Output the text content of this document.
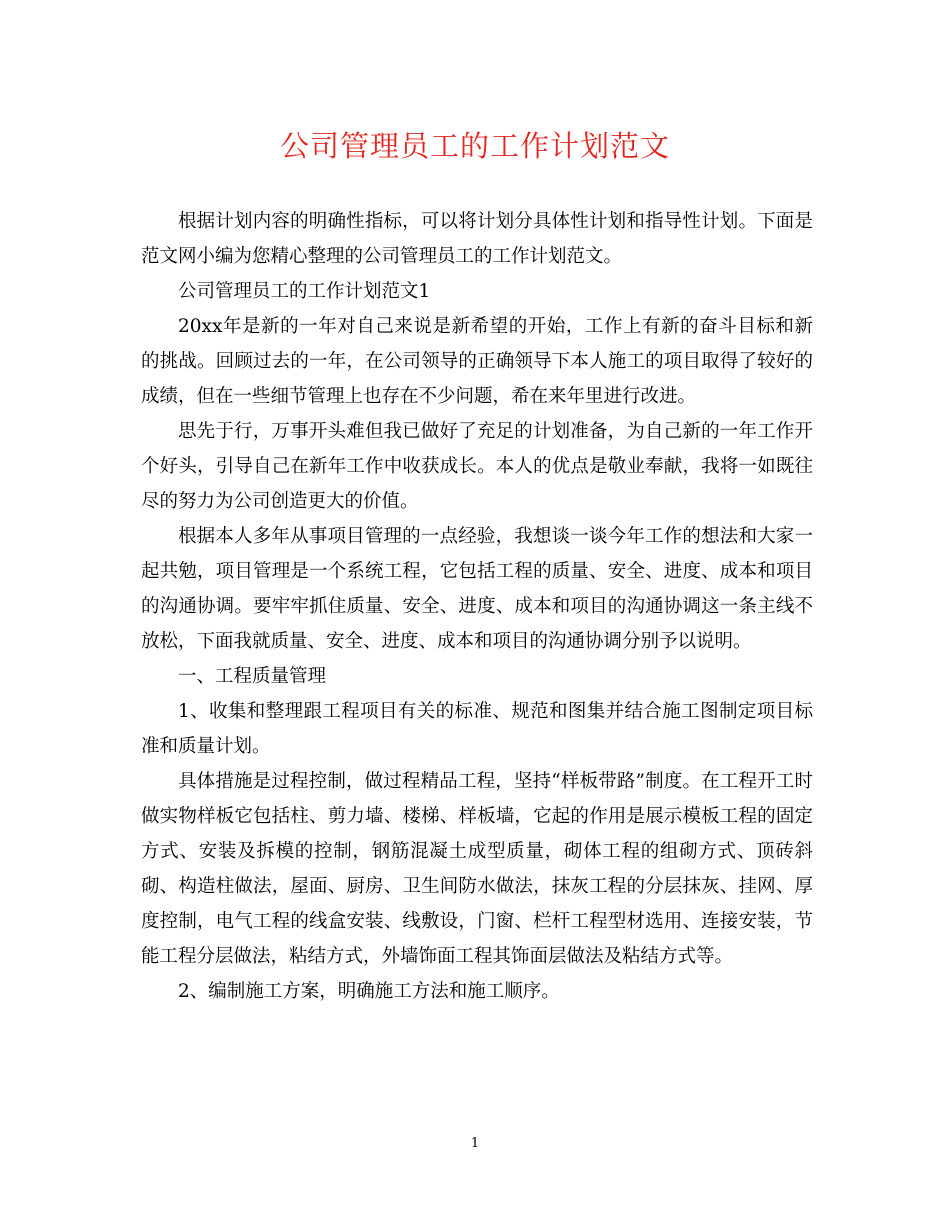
公司管理员工的工作计划范文

根据计划内容的明确性指标，可以将计划分具体性计划和指导性计划。下面是范文网小编为您精心整理的公司管理员工的工作计划范文。

公司管理员工的工作计划范文1

20xx年是新的一年对自己来说是新希望的开始，工作上有新的奋斗目标和新的挑战。回顾过去的一年，在公司领导的正确领导下本人施工的项目取得了较好的成绩，但在一些细节管理上也存在不少问题，希在来年里进行改进。

思先于行，万事开头难但我已做好了充足的计划准备，为自己新的一年工作开个好头，引导自己在新年工作中收获成长。本人的优点是敬业奉献，我将一如既往尽的努力为公司创造更大的价值。

根据本人多年从事项目管理的一点经验，我想谈一谈今年工作的想法和大家一起共勉，项目管理是一个系统工程，它包括工程的质量、安全、进度、成本和项目的沟通协调。要牢牢抓住质量、安全、进度、成本和项目的沟通协调这一条主线不放松，下面我就质量、安全、进度、成本和项目的沟通协调分别予以说明。

一、工程质量管理

1、收集和整理跟工程项目有关的标准、规范和图集并结合施工图制定项目标准和质量计划。

具体措施是过程控制，做过程精品工程，坚持“样板带路”制度。在工程开工时做实物样板它包括柱、剪力墙、楼梯、样板墙，它起的作用是展示模板工程的固定方式、安装及拆模的控制，钢筋混凝土成型质量，砌体工程的组砌方式、顶砖斜砌、构造柱做法，屋面、厨房、卫生间防水做法，抹灰工程的分层抹灰、挂网、厚度控制，电气工程的线盒安装、线敷设，门窗、栏杆工程型材选用、连接安装，节能工程分层做法，粘结方式，外墙饰面工程其饰面层做法及粘结方式等。

2、编制施工方案，明确施工方法和施工顺序。

1
